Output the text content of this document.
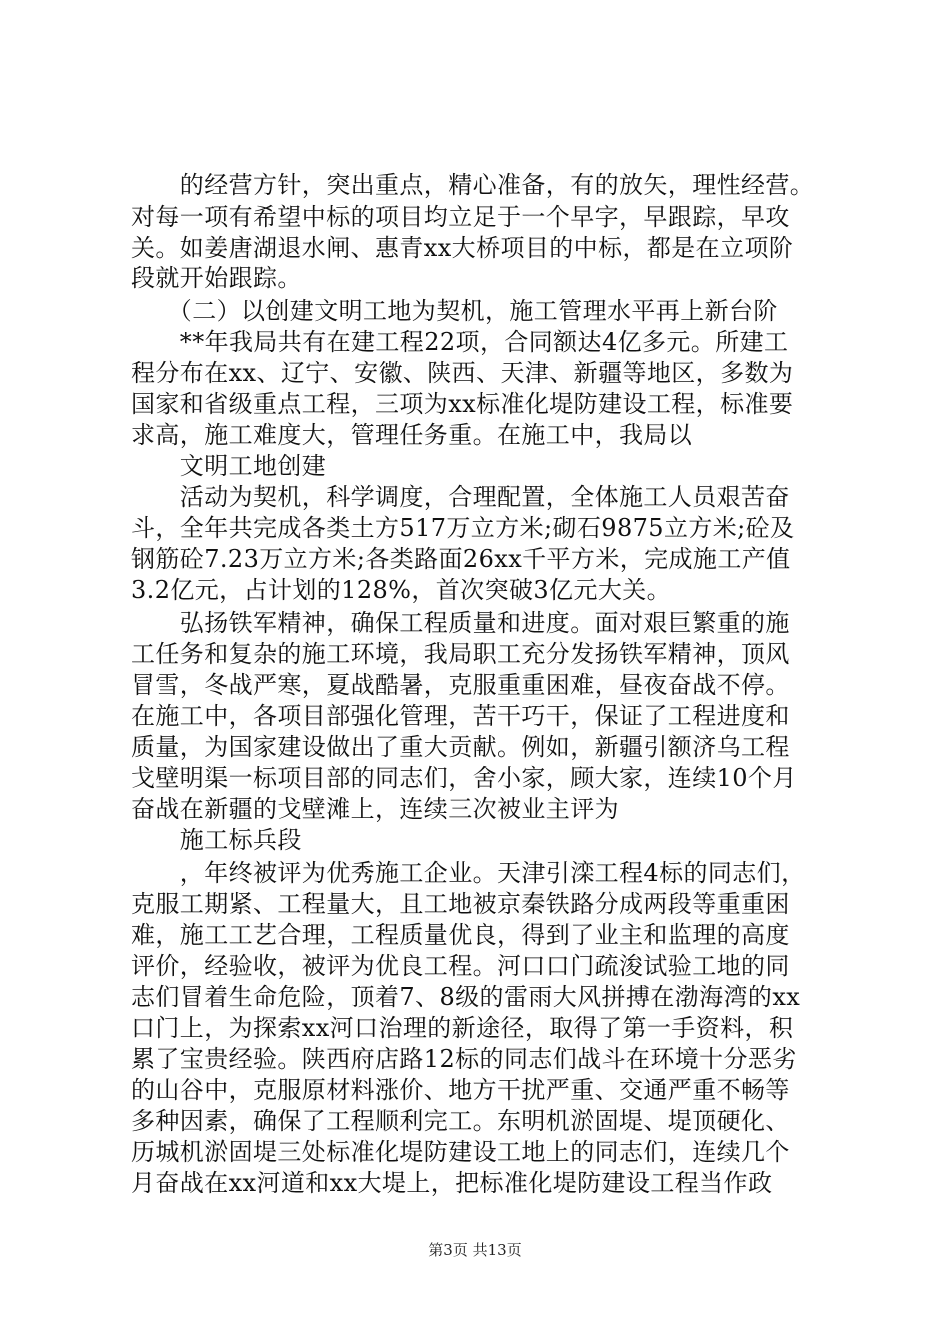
　　的经营方针，突出重点，精心准备，有的放矢，理性经营。
对每一项有希望中标的项目均立足于一个早字，早跟踪，早攻
关。如姜唐湖退水闸、惠青xx大桥项目的中标，都是在立项阶
段就开始跟踪。
　　（二）以创建文明工地为契机，施工管理水平再上新台阶
　　**年我局共有在建工程22项，合同额达4亿多元。所建工
程分布在xx、辽宁、安徽、陕西、天津、新疆等地区，多数为
国家和省级重点工程，三项为xx标准化堤防建设工程，标准要
求高，施工难度大，管理任务重。在施工中，我局以
　　文明工地创建
　　活动为契机，科学调度，合理配置，全体施工人员艰苦奋
斗，全年共完成各类土方517万立方米;砌石9875立方米;砼及
钢筋砼7.23万立方米;各类路面26xx千平方米，完成施工产值
3.2亿元，占计划的128%，首次突破3亿元大关。
　　弘扬铁军精神，确保工程质量和进度。面对艰巨繁重的施
工任务和复杂的施工环境，我局职工充分发扬铁军精神，顶风
冒雪，冬战严寒，夏战酷暑，克服重重困难，昼夜奋战不停。
在施工中，各项目部强化管理，苦干巧干，保证了工程进度和
质量，为国家建设做出了重大贡献。例如，新疆引额济乌工程
戈壁明渠一标项目部的同志们，舍小家，顾大家，连续10个月
奋战在新疆的戈壁滩上，连续三次被业主评为
　　施工标兵段
　　，年终被评为优秀施工企业。天津引滦工程4标的同志们，
克服工期紧、工程量大，且工地被京秦铁路分成两段等重重困
难，施工工艺合理，工程质量优良，得到了业主和监理的高度
评价，经验收，被评为优良工程。河口口门疏浚试验工地的同
志们冒着生命危险，顶着7、8级的雷雨大风拼搏在渤海湾的xx
口门上，为探索xx河口治理的新途径，取得了第一手资料，积
累了宝贵经验。陕西府店路12标的同志们战斗在环境十分恶劣
的山谷中，克服原材料涨价、地方干扰严重、交通严重不畅等
多种因素，确保了工程顺利完工。东明机淤固堤、堤顶硬化、
历城机淤固堤三处标准化堤防建设工地上的同志们，连续几个
月奋战在xx河道和xx大堤上，把标准化堤防建设工程当作政
第3页 共13页
